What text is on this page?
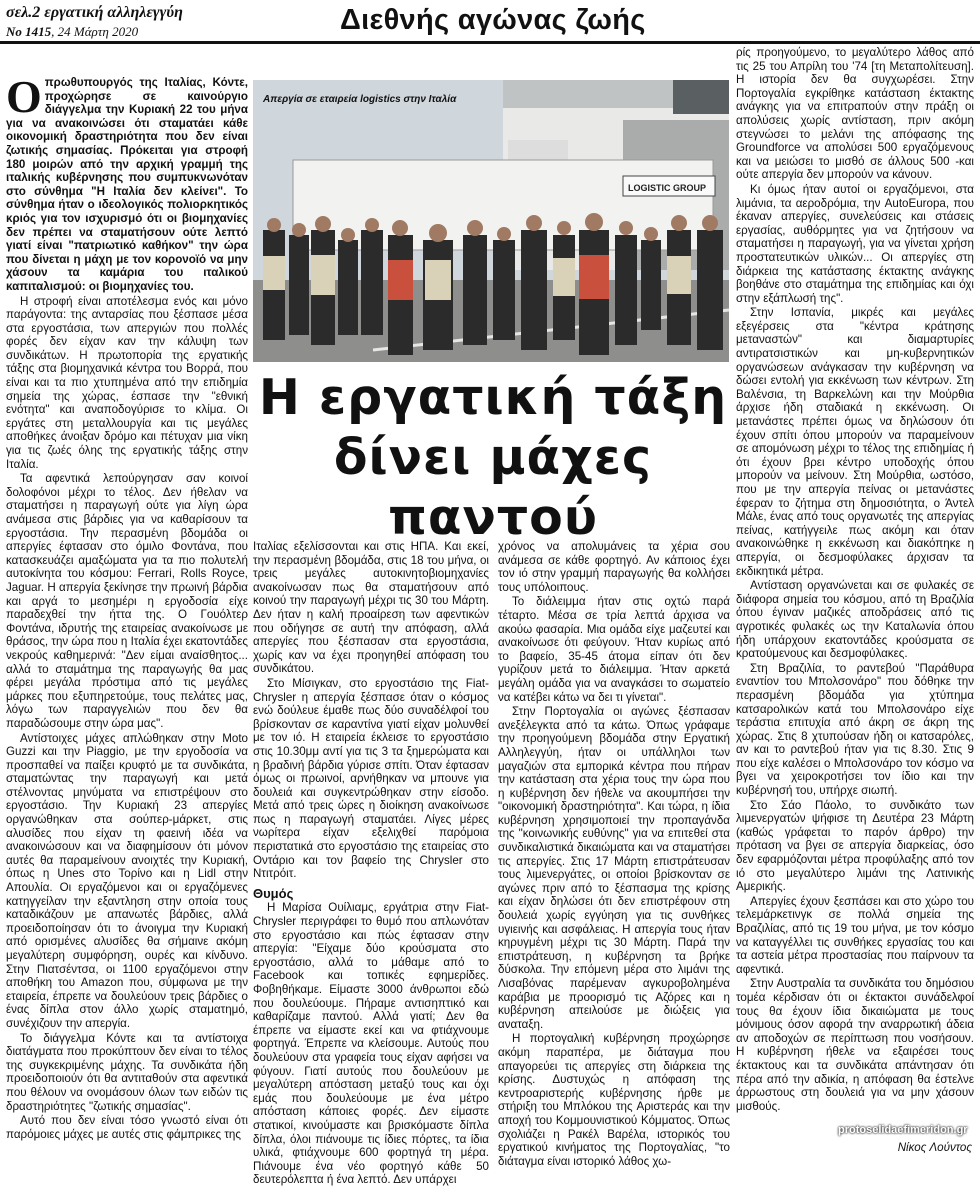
σελ.2 εργατική αλληλεγγύη
Νο 1415, 24 Μάρτη 2020	Διεθνής αγώνας ζωής

Οπρωθυπουργός της Ιταλίας, Κόντε, προχώρησε σε καινούργιο διάγγελμα την Κυριακή 22 του μήνα για να ανακοινώσει ότι σταματάει κάθε οικονομική δραστηριότητα που δεν είναι ζωτικής σημασίας. Πρόκειται για στροφή 180 μοιρών από την αρχική γραμμή της ιταλικής κυβέρνησης που συμπυκνωνόταν στο σύνθημα "Η Ιταλία δεν κλείνει". Το σύνθημα ήταν ο ιδεολογικός πολιορκητικός κριός για τον ισχυρισμό ότι οι βιομηχανίες δεν πρέπει να σταματήσουν ούτε λεπτό γιατί είναι "πατριωτικό καθήκον" την ώρα που δίνεται η μάχη με τον κορονοϊό να μην χάσουν τα καμάρια του ιταλικού καπιταλισμού: οι βιομηχανίες του.

Η στροφή είναι αποτέλεσμα ενός και μόνο παράγοντα: της ανταρσίας που ξέσπασε μέσα στα εργοστάσια, των απεργιών που πολλές φορές δεν είχαν καν την κάλυψη των συνδικάτων. Η πρωτοπορία της εργατικής τάξης στα βιομηχανικά κέντρα του Βορρά, που είναι και τα πιο χτυπημένα από την επιδημία σημεία της χώρας, έσπασε την "εθνική ενότητα" και αναποδογύρισε το κλίμα. Οι εργάτες στη μεταλλουργία και τις μεγάλες αποθήκες άνοιξαν δρόμο και πέτυχαν μια νίκη για τις ζωές όλης της εργατικής τάξης στην Ιταλία.

Τα αφεντικά λεπούργησαν σαν κοινοί δολοφόνοι μέχρι το τέλος. Δεν ήθελαν να σταματήσει η παραγωγή ούτε για λίγη ώρα ανάμεσα στις βάρδιες για να καθαρίσουν τα εργοστάσια. Την περασμένη βδομάδα οι απεργίες έφτασαν στο όμιλο Φοντάνα, που κατασκευάζει αμαξώματα για τα πιο πολυτελή αυτοκίνητα του κόσμου: Ferrari, Rolls Royce, Jaguar. Η απεργία ξεκίνησε την πρωινή βάρδια και αργά το μεσημέρι η εργοδοσία είχε παραδεχθεί την ήττα της. Ο Γουόλτερ Φοντάνα, ιδρυτής της εταιρείας ανακοίνωσε με θράσος, την ώρα που η Ιταλία έχει εκατοντάδες νεκρούς καθημερινά: "Δεν είμαι αναίσθητος... αλλά το σταμάτημα της παραγωγής θα μας φέρει μεγάλα πρόστιμα από τις μεγάλες μάρκες που εξυπηρετούμε, τους πελάτες μας, λόγω των παραγγελιών που δεν θα παραδώσουμε στην ώρα μας".

Αντίστοιχες μάχες απλώθηκαν στην Moto Guzzi και την Piaggio, με την εργοδοσία να προσπαθεί να παίξει κρυφτό με τα συνδικάτα, σταματώντας την παραγωγή και μετά στέλνοντας μηνύματα να επιστρέψουν στο εργοστάσιο. Την Κυριακή 23 απεργίες οργανώθηκαν στα σούπερ-μάρκετ, στις αλυσίδες που είχαν τη φαεινή ιδέα να ανακοινώσουν και να διαφημίσουν ότι μόνον αυτές θα παραμείνουν ανοιχτές την Κυριακή, όπως η Unes στο Τορίνο και η Lidl στην Απουλία. Οι εργαζόμενοι και οι εργαζόμενες κατηγγείλαν την εξαντληση στην οποία τους καταδικάζουν με απανωτές βάρδιες, αλλά προειδοποίησαν ότι το άνοιγμα την Κυριακή από ορισμένες αλυσίδες θα σήμαινε ακόμη μεγαλύτερη συμφόρηση, ουρές και κίνδυνο. Στην Πιατσέντσα, οι 1100 εργαζόμενοι στην αποθήκη του Amazon που, σύμφωνα με την εταιρεία, έπρεπε να δουλεύουν τρεις βάρδιες ο ένας δίπλα στον άλλο χωρίς σταματημό, συνέχιζουν την απεργία.

Το διάγγελμα Κόντε και τα αντίστοιχα διατάγματα που προκύπτουν δεν είναι το τέλος της συγκεκριμένης μάχης. Τα συνδικάτα ήδη προειδοποιούν ότι θα αντιταθούν στα αφεντικά που θέλουν να ονομάσουν όλων των ειδών τις δραστηριότητες "ζωτικής σημασίας".

Αυτό που δεν είναι τόσο γνωστό είναι ότι παρόμοιες μάχες με αυτές στις φάμπρικες της

LOGISTIC GROUP
Απεργία σε εταιρεία logistics στην Ιταλία
Η εργατική τάξη δίνει μάχες παντού

Ιταλίας εξελίσσονται και στις ΗΠΑ. Και εκεί, την περασμένη βδομάδα, στις 18 του μήνα, οι τρεις μεγάλες αυτοκινητοβιομηχανίες ανακοίνωσαν πως θα σταματήσουν από κοινού την παραγωγή μέχρι τις 30 του Μάρτη. Δεν ήταν η καλή προαίρεση των αφεντικών που οδήγησε σε αυτή την απόφαση, αλλά απεργίες που ξέσπασαν στα εργοστάσια, χωρίς καν να έχει προηγηθεί απόφαση του συνδικάτου.

Στο Μίσιγκαν, στο εργοστάσιο της Fiat-Chrysler η απεργία ξέσπασε όταν ο κόσμος ενώ δούλευε έμαθε πως δύο συναδέλφοί του βρίσκονταν σε καραντίνα γιατί είχαν μολυνθεί με τον ιό. Η εταιρεία έκλεισε το εργοστάσιο στις 10.30μμ αντί για τις 3 τα ξημερώματα και η βραδινή βάρδια γύρισε σπίτι. Όταν έφτασαν όμως οι πρωινοί, αρνήθηκαν να μπουνε για δουλειά και συγκεντρώθηκαν στην είσοδο. Μετά από τρεις ώρες η διοίκηση ανακοίνωσε πως η παραγωγή σταματάει. Λίγες μέρες νωρίτερα είχαν εξελιχθεί παρόμοια περιστατικά στο εργοστάσιο της εταιρείας στο Οντάριο και τον βαφείο της Chrysler στο Ντιτρόιτ.

Θυμός

Η Μαρίσα Ουίλιαμς, εργάτρια στην Fiat-Chrysler περιγράφει το θυμό που απλωνόταν στο εργοστάσιο και πώς έφτασαν στην απεργία: "Είχαμε δύο κρούσματα στο εργοστάσιο, αλλά το μάθαμε από το Facebook και τοπικές εφημερίδες. Φοβηθήκαμε. Είμαστε 3000 άνθρωποι εδώ που δουλεύουμε. Πήραμε αντισηπτικό και καθαρίζαμε παντού. Αλλά γιατί; Δεν θα έπρεπε να είμαστε εκεί και να φτιάχνουμε φορτηγά. Έπρεπε να κλείσουμε. Αυτούς που δουλεύουν στα γραφεία τους είχαν αφήσει να φύγουν. Γιατί αυτούς που δουλεύουν με μεγαλύτερη απόσταση μεταξύ τους και όχι εμάς που δουλεύουμε με ένα μέτρο απόσταση κάποιες φορές. Δεν είμαστε στατικοί, κινούμαστε και βρισκόμαστε δίπλα δίπλα, όλοι πιάνουμε τις ίδιες πόρτες, τα ίδια υλικά, φτιάχνουμε 600 φορτηγά τη μέρα. Πιάνουμε ένα νέο φορτηγό κάθε 50 δευτερόλεπτα ή ένα λεπτό. Δεν υπάρχει

χρόνος να απολυμάνεις τα χέρια σου ανάμεσα σε κάθε φορτηγό. Αν κάποιος έχει τον ιό στην γραμμή παραγωγής θα κολλήσει τους υπόλοιπους.

Το διάλειμμα ήταν στις οχτώ παρά τέταρτο. Μέσα σε τρία λεπτά άρχισα να ακούω φασαρία. Μια ομάδα είχε μαζευτεί και ανακοίνωσε ότι φεύγουν. Ήταν κυρίως από το βαφείο, 35-45 άτομα είπαν ότι δεν γυρίζουν μετά το διάλειμμα. Ήταν αρκετά μεγάλη ομάδα για να αναγκάσει το σωματείο να κατέβει κάτω να δει τι γίνεται".

Στην Πορτογαλία οι αγώνες ξέσπασαν ανεξέλεγκτα από τα κάτω. Όπως γράφαμε την προηγούμενη βδομάδα στην Εργατική Αλληλεγγύη, ήταν οι υπάλληλοι των μαγαζιών στα εμπορικά κέντρα που πήραν την κατάσταση στα χέρια τους την ώρα που η κυβέρνηση δεν ήθελε να ακουμπήσει την "οικονομική δραστηριότητα". Και τώρα, η ίδια κυβέρνηση χρησιμοποιεί την προπαγάνδα της "κοινωνικής ευθύνης" για να επιτεθεί στα συνδικαλιστικά δικαιώματα και να σταματήσει τις απεργίες. Στις 17 Μάρτη επιστράτευσαν τους λιμενεργάτες, οι οποίοι βρίσκονταν σε αγώνες πριν από το ξέσπασμα της κρίσης και είχαν δηλώσει ότι δεν επιστρέφουν στη δουλειά χωρίς εγγύηση για τις συνθήκες υγιεινής και ασφάλειας. Η απεργία τους ήταν κηρυγμένη μέχρι τις 30 Μάρτη. Παρά την επιστράτευση, η κυβέρνηση τα βρήκε δύσκολα. Την επόμενη μέρα στο λιμάνι της Λισαβόνας παρέμεναν αγκυροβολημένα καράβια με προορισμό τις Αζόρες και η κυβέρνηση απειλούσε με διώξεις για αναταξη.

Η πορτογαλική κυβέρνηση προχώρησε ακόμη παραπέρα, με διάταγμα που απαγορεύει τις απεργίες στη διάρκεια της κρίσης. Δυστυχώς η απόφαση της κεντροαριστερής κυβέρνησης ήρθε με στήριξη του Μπλόκου της Αριστεράς και την αποχή του Κομμουνιστικού Κόμματος. Όπως σχολιάζει η Ρακέλ Βαρέλα, ιστορικός του εργατικού κινήματος της Πορτογαλίας, "το διάταγμα είναι ιστορικό λάθος χω-

ρίς προηγούμενο, το μεγαλύτερο λάθος από τις 25 του Απρίλη του '74 [τη Μεταπολίτευση]. Η ιστορία δεν θα συγχωρέσει. Στην Πορτογαλία εγκρίθηκε κατάσταση έκτακτης ανάγκης για να επιτραπούν στην πράξη οι απολύσεις χωρίς αντίσταση, πριν ακόμη στεγνώσει το μελάνι της απόφασης της Groundforce να απολύσει 500 εργαζόμενους και να μειώσει το μισθό σε άλλους 500 -και ούτε απεργία δεν μπορούν να κάνουν.

Κι όμως ήταν αυτοί οι εργαζόμενοι, στα λιμάνια, τα αεροδρόμια, την AutoEuropa, που έκαναν απεργίες, συνελεύσεις και στάσεις εργασίας, αυθόρμητες για να ζητήσουν να σταματήσει η παραγωγή, για να γίνεται χρήση προστατευτικών υλικών... Οι απεργίες στη διάρκεια της κατάστασης έκτακτης ανάγκης βοηθάνε στο σταμάτημα της επιδημίας και όχι στην εξάπλωσή της".

Στην Ισπανία, μικρές και μεγάλες εξεγέρσεις στα "κέντρα κράτησης μεταναστών" και διαμαρτυρίες αντιρατσιστικών και μη-κυβερνητικών οργανώσεων ανάγκασαν την κυβέρνηση να δώσει εντολή για εκκένωση των κέντρων. Στη Βαλένσια, τη Βαρκελώνη και την Μούρθια άρχισε ήδη σταδιακά η εκκένωση. Οι μετανάστες πρέπει όμως να δηλώσουν ότι έχουν σπίτι όπου μπορούν να παραμείνουν σε απομόνωση μέχρι το τέλος της επιδημίας ή ότι έχουν βρει κέντρο υποδοχής όπου μπορούν να μείνουν. Στη Μούρθια, ωστόσο, που με την απεργία πείνας οι μετανάστες έφεραν το ζήτημα στη δημοσιότητα, ο Άντελ Μάλε, ένας από τους οργανωτές της απεργίας πείνας, κατήγγειλε πως ακόμη και όταν ανακοινώθηκε η εκκένωση και διακόπηκε η απεργία, οι δεσμοφύλακες άρχισαν τα εκδικητικά μέτρα.

Αντίσταση οργανώνεται και σε φυλακές σε διάφορα σημεία του κόσμου, από τη Βραζιλία όπου έγιναν μαζικές αποδράσεις από τις αγροτικές φυλακές ως την Καταλωνία όπου ήδη υπάρχουν εκατοντάδες κρούσματα σε κρατούμενους και δεσμοφύλακες.

Στη Βραζιλία, το ραντεβού "Παράθυρα εναντίον του Μπολσονάρο" που δόθηκε την περασμένη βδομάδα για χτύπημα κατσαρολικών κατά του Μπολσονάρο είχε τεράστια επιτυχία από άκρη σε άκρη της χώρας. Στις 8 χτυπούσαν ήδη οι κατσαρόλες, αν και το ραντεβού ήταν για τις 8.30. Στις 9 που είχε καλέσει ο Μπολσονάρο τον κόσμο να βγει να χειροκροτήσει τον ίδιο και την κυβέρνησή του, υπήρχε σιωπή.

Στο Σάο Πάολο, το συνδικάτο των λιμενεργατών ψήφισε τη Δευτέρα 23 Μάρτη (καθώς γράφεται το παρόν άρθρο) την πρόταση να βγει σε απεργία διαρκείας, όσο δεν εφαρμόζονται μέτρα προφύλαξης από τον ιό στο μεγαλύτερο λιμάνι της Λατινικής Αμερικής.

Απεργίες έχουν ξεσπάσει και στο χώρο του τελεμάρκετινγκ σε πολλά σημεία της Βραζιλίας, από τις 19 του μήνα, με τον κόσμο να καταγγέλλει τις συνθήκες εργασίας του και τα αστεία μέτρα προστασίας που παίρνουν τα αφεντικά.

Στην Αυστραλία τα συνδικάτα του δημόσιου τομέα κέρδισαν ότι οι έκτακτοι συνάδελφοί τους θα έχουν ίδια δικαιώματα με τους μόνιμους όσον αφορά την αναρρωτική άδεια αν αποδοχών σε περίπτωση που νοσήσουν. Η κυβέρνηση ήθελε να εξαιρέσει τους έκτακτους και τα συνδικάτα απάντησαν ότι πέρα από την αδικία, η απόφαση θα έστελνε άρρωστους στη δουλειά για να μην χάσουν μισθούς.

protoselidaefimeridon.gr
Νίκος Λούντος
